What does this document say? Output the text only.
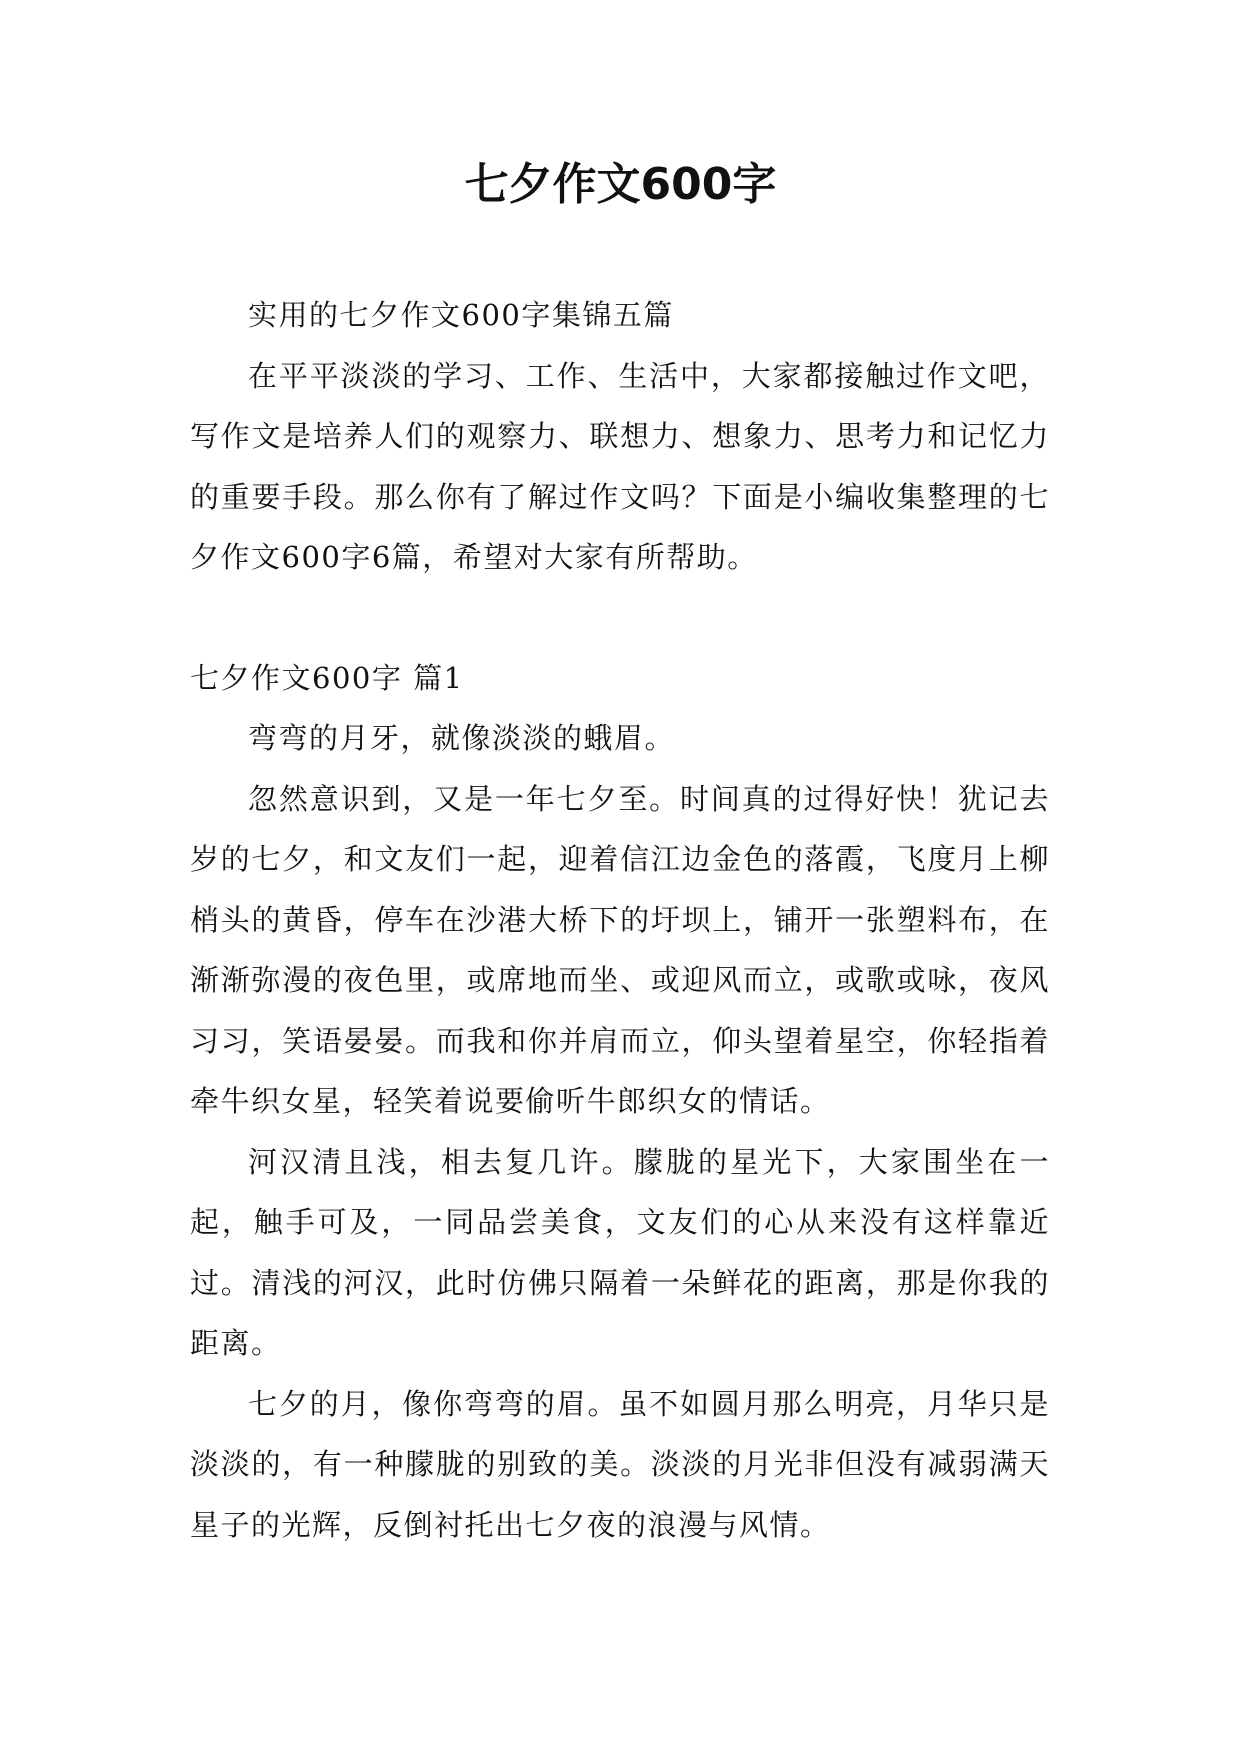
七夕作文600字

实用的七夕作文600字集锦五篇

在平平淡淡的学习、工作、生活中，大家都接触过作文吧，写作文是培养人们的观察力、联想力、想象力、思考力和记忆力的重要手段。那么你有了解过作文吗？下面是小编收集整理的七夕作文600字6篇，希望对大家有所帮助。

七夕作文600字 篇1

弯弯的月牙，就像淡淡的蛾眉。

忽然意识到，又是一年七夕至。时间真的过得好快！犹记去岁的七夕，和文友们一起，迎着信江边金色的落霞，飞度月上柳梢头的黄昏，停车在沙港大桥下的圩坝上，铺开一张塑料布，在渐渐弥漫的夜色里，或席地而坐、或迎风而立，或歌或咏，夜风习习，笑语晏晏。而我和你并肩而立，仰头望着星空，你轻指着牵牛织女星，轻笑着说要偷听牛郎织女的情话。

河汉清且浅，相去复几许。朦胧的星光下，大家围坐在一起，触手可及，一同品尝美食，文友们的心从来没有这样靠近过。清浅的河汉，此时仿佛只隔着一朵鲜花的距离，那是你我的距离。

七夕的月，像你弯弯的眉。虽不如圆月那么明亮，月华只是淡淡的，有一种朦胧的别致的美。淡淡的月光非但没有减弱满天星子的光辉，反倒衬托出七夕夜的浪漫与风情。
